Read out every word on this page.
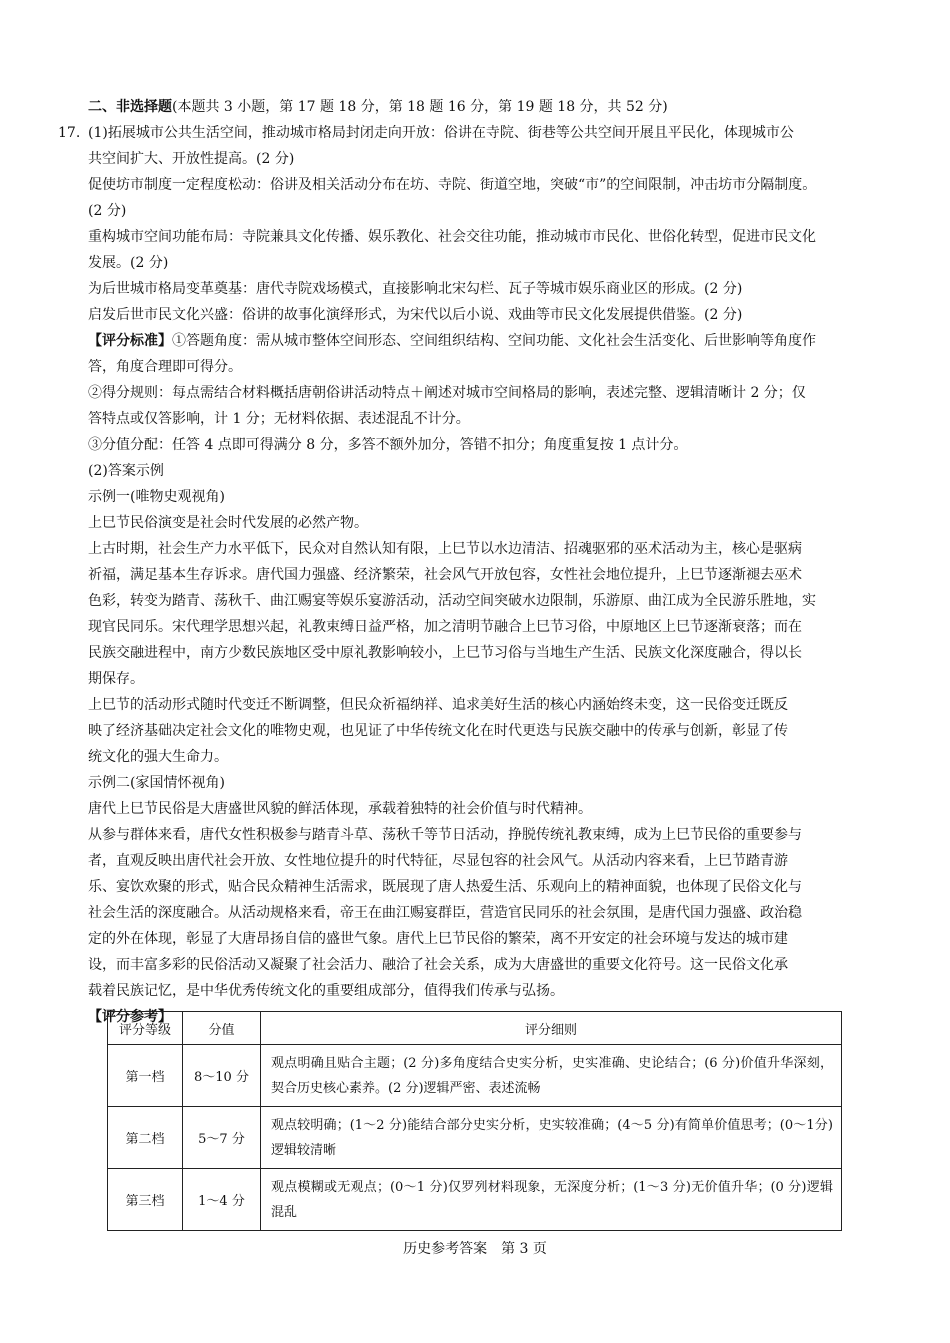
二、非选择题(本题共 3 小题，第 17 题 18 分，第 18 题 16 分，第 19 题 18 分，共 52 分)
17. (1)拓展城市公共生活空间，推动城市格局封闭走向开放：俗讲在寺院、街巷等公共空间开展且平民化，体现城市公
共空间扩大、开放性提高。(2 分)
促使坊市制度一定程度松动：俗讲及相关活动分布在坊、寺院、街道空地，突破“市”的空间限制，冲击坊市分隔制度。
(2 分)
重构城市空间功能布局：寺院兼具文化传播、娱乐教化、社会交往功能，推动城市市民化、世俗化转型，促进市民文化
发展。(2 分)
为后世城市格局变革奠基：唐代寺院戏场模式，直接影响北宋勾栏、瓦子等城市娱乐商业区的形成。(2 分)
启发后世市民文化兴盛：俗讲的故事化演绎形式，为宋代以后小说、戏曲等市民文化发展提供借鉴。(2 分)
【评分标准】①答题角度：需从城市整体空间形态、空间组织结构、空间功能、文化社会生活变化、后世影响等角度作
答，角度合理即可得分。
②得分规则：每点需结合材料概括唐朝俗讲活动特点＋阐述对城市空间格局的影响，表述完整、逻辑清晰计 2 分；仅
答特点或仅答影响，计 1 分；无材料依据、表述混乱不计分。
③分值分配：任答 4 点即可得满分 8 分，多答不额外加分，答错不扣分；角度重复按 1 点计分。
(2)答案示例
示例一(唯物史观视角)
上巳节民俗演变是社会时代发展的必然产物。
上古时期，社会生产力水平低下，民众对自然认知有限，上巳节以水边清洁、招魂驱邪的巫术活动为主，核心是驱病
祈福，满足基本生存诉求。唐代国力强盛、经济繁荣，社会风气开放包容，女性社会地位提升，上巳节逐渐褪去巫术
色彩，转变为踏青、荡秋千、曲江赐宴等娱乐宴游活动，活动空间突破水边限制，乐游原、曲江成为全民游乐胜地，实
现官民同乐。宋代理学思想兴起，礼教束缚日益严格，加之清明节融合上巳节习俗，中原地区上巳节逐渐衰落；而在
民族交融进程中，南方少数民族地区受中原礼教影响较小，上巳节习俗与当地生产生活、民族文化深度融合，得以长
期保存。
上巳节的活动形式随时代变迁不断调整，但民众祈福纳祥、追求美好生活的核心内涵始终未变，这一民俗变迁既反
映了经济基础决定社会文化的唯物史观，也见证了中华传统文化在时代更迭与民族交融中的传承与创新，彰显了传
统文化的强大生命力。
示例二(家国情怀视角)
唐代上巳节民俗是大唐盛世风貌的鲜活体现，承载着独特的社会价值与时代精神。
从参与群体来看，唐代女性积极参与踏青斗草、荡秋千等节日活动，挣脱传统礼教束缚，成为上巳节民俗的重要参与
者，直观反映出唐代社会开放、女性地位提升的时代特征，尽显包容的社会风气。从活动内容来看，上巳节踏青游
乐、宴饮欢聚的形式，贴合民众精神生活需求，既展现了唐人热爱生活、乐观向上的精神面貌，也体现了民俗文化与
社会生活的深度融合。从活动规格来看，帝王在曲江赐宴群臣，营造官民同乐的社会氛围，是唐代国力强盛、政治稳
定的外在体现，彰显了大唐昂扬自信的盛世气象。唐代上巳节民俗的繁荣，离不开安定的社会环境与发达的城市建
设，而丰富多彩的民俗活动又凝聚了社会活力、融洽了社会关系，成为大唐盛世的重要文化符号。这一民俗文化承
载着民族记忆，是中华优秀传统文化的重要组成部分，值得我们传承与弘扬。
【评分参考】
评分等级	分值	评分细则
第一档	8～10 分	观点明确且贴合主题；(2 分)多角度结合史实分析，史实准确、史论结合；(6 分)价值升华深刻，契合历史核心素养。(2 分)逻辑严密、表述流畅
第二档	5～7 分	观点较明确；(1～2 分)能结合部分史实分析，史实较准确；(4～5 分)有简单价值思考；(0～1分)逻辑较清晰
第三档	1～4 分	观点模糊或无观点；(0～1 分)仅罗列材料现象，无深度分析；(1～3 分)无价值升华；(0 分)逻辑混乱
历史参考答案　第 3 页
